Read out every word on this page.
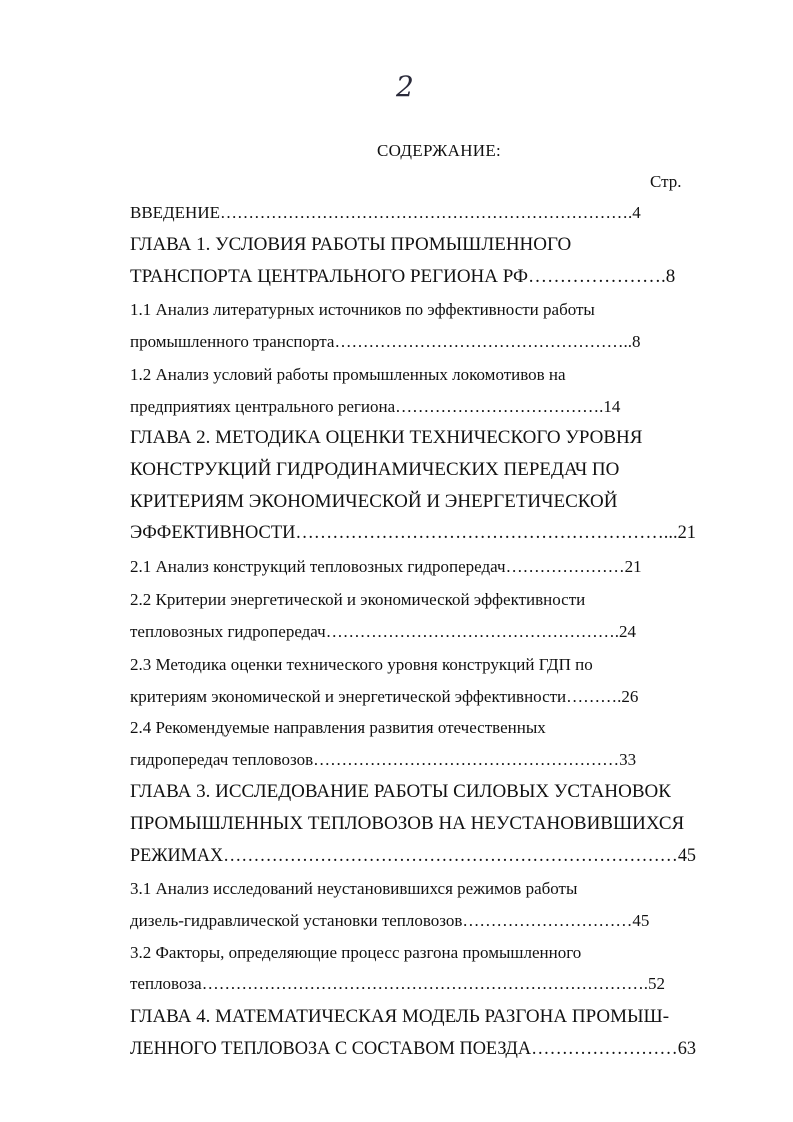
2
СОДЕРЖАНИЕ:
Стр.
ВВЕДЕНИЕ……………………………………………………………….4
ГЛАВА 1. УСЛОВИЯ РАБОТЫ ПРОМЫШЛЕННОГО
ТРАНСПОРТА ЦЕНТРАЛЬНОГО РЕГИОНА РФ………………….8
1.1 Анализ литературных источников по эффективности работы
промышленного транспорта……………………………………………..8
1.2 Анализ условий работы промышленных локомотивов на
предприятиях центрального региона……………………………….14
ГЛАВА 2. МЕТОДИКА ОЦЕНКИ ТЕХНИЧЕСКОГО УРОВНЯ
КОНСТРУКЦИЙ ГИДРОДИНАМИЧЕСКИХ ПЕРЕДАЧ ПО
КРИТЕРИЯМ ЭКОНОМИЧЕСКОЙ И ЭНЕРГЕТИЧЕСКОЙ
ЭФФЕКТИВНОСТИ……………………………………………………...21
2.1 Анализ конструкций тепловозных гидропередач…………………21
2.2 Критерии энергетической и экономической эффективности
тепловозных гидропередач…………………………………………….24
2.3 Методика оценки технического уровня конструкций ГДП по
критериям экономической и энергетической эффективности……….26
2.4 Рекомендуемые направления развития отечественных
гидропередач тепловозов………………………………………………33
ГЛАВА 3. ИССЛЕДОВАНИЕ РАБОТЫ СИЛОВЫХ УСТАНОВОК
ПРОМЫШЛЕННЫХ ТЕПЛОВОЗОВ НА НЕУСТАНОВИВШИХСЯ
РЕЖИМАХ…………………………………………………………………45
3.1 Анализ исследований неустановившихся режимов работы
дизель-гидравлической установки тепловозов…………………………45
3.2 Факторы, определяющие процесс разгона промышленного
тепловоза…………………………………………………………………….52
ГЛАВА 4. МАТЕМАТИЧЕСКАЯ МОДЕЛЬ РАЗГОНА ПРОМЫШ-
ЛЕННОГО ТЕПЛОВОЗА С СОСТАВОМ ПОЕЗДА……………………63
